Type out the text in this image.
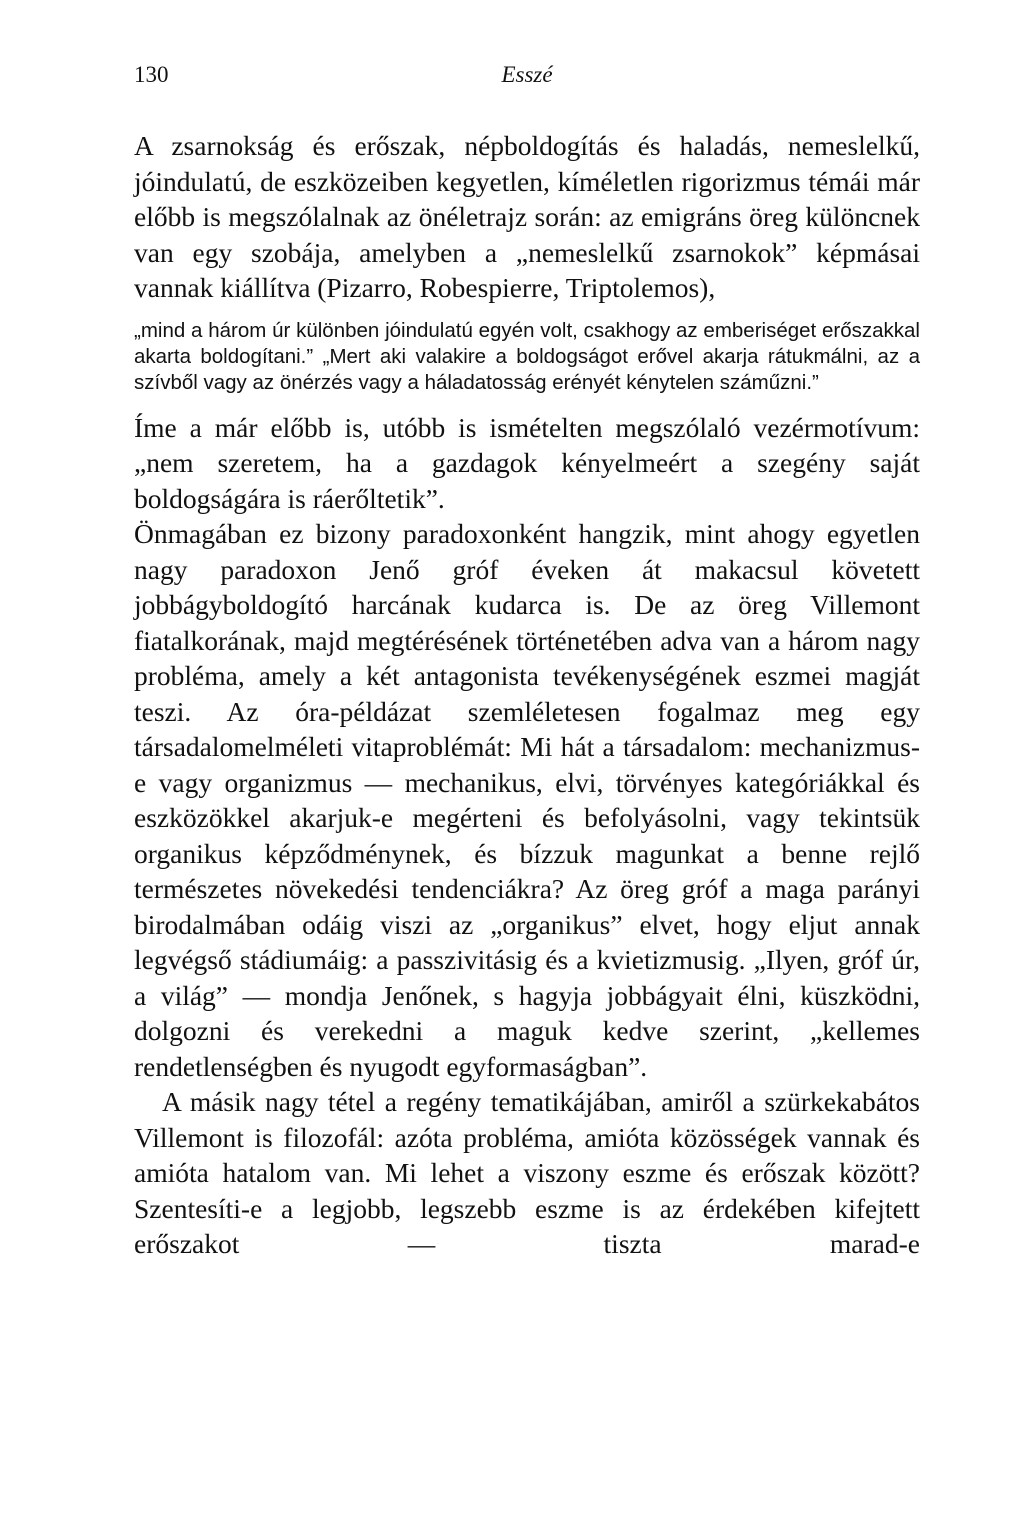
130	Esszé

A zsarnokság és erőszak, népboldogítás és haladás, nemeslelkű, jóindulatú, de eszközeiben kegyetlen, kíméletlen rigorizmus témái már előbb is megszólalnak az önéletrajz során: az emigráns öreg különcnek van egy szobája, amelyben a „nemeslelkű zsarnokok” képmásai vannak kiállítva (Pizarro, Robespierre, Triptolemos),

„mind a három úr különben jóindulatú egyén volt, csakhogy az emberiséget erőszakkal akarta boldogítani.” „Mert aki valakire a boldogságot erővel akarja rátukmálni, az a szívből vagy az önérzés vagy a háladatosság erényét kénytelen száműzni.”

Íme a már előbb is, utóbb is ismételten megszólaló vezérmotívum: „nem szeretem, ha a gazdagok kényelmeért a szegény saját boldogságára is ráerőltetik”.

Önmagában ez bizony paradoxonként hangzik, mint ahogy egyetlen nagy paradoxon Jenő gróf éveken át makacsul követett jobbágyboldogító harcának kudarca is. De az öreg Villemont fiatalkorának, majd megtérésének történetében adva van a három nagy probléma, amely a két antagonista tevékenységének eszmei magját teszi. Az óra-példázat szemléletesen fogalmaz meg egy társadalomelméleti vitaproblémát: Mi hát a társadalom: mechanizmus-e vagy organizmus — mechanikus, elvi, törvényes kategóriákkal és eszközökkel akarjuk-e megérteni és befolyásolni, vagy tekintsük organikus képződménynek, és bízzuk magunkat a benne rejlő természetes növekedési tendenciákra? Az öreg gróf a maga parányi birodalmában odáig viszi az „organikus” elvet, hogy eljut annak legvégső stádiumáig: a passzivitásig és a kvietizmusig. „Ilyen, gróf úr, a világ” — mondja Jenőnek, s hagyja jobbágyait élni, küszködni, dolgozni és verekedni a maguk kedve szerint, „kellemes rendetlenségben és nyugodt egyformaságban”.

A másik nagy tétel a regény tematikájában, amiről a szürkekabátos Villemont is filozofál: azóta probléma, amióta közösségek vannak és amióta hatalom van. Mi lehet a viszony eszme és erőszak között? Szentesíti-e a legjobb, legszebb eszme is az érdekében kifejtett erőszakot — tiszta marad-e
